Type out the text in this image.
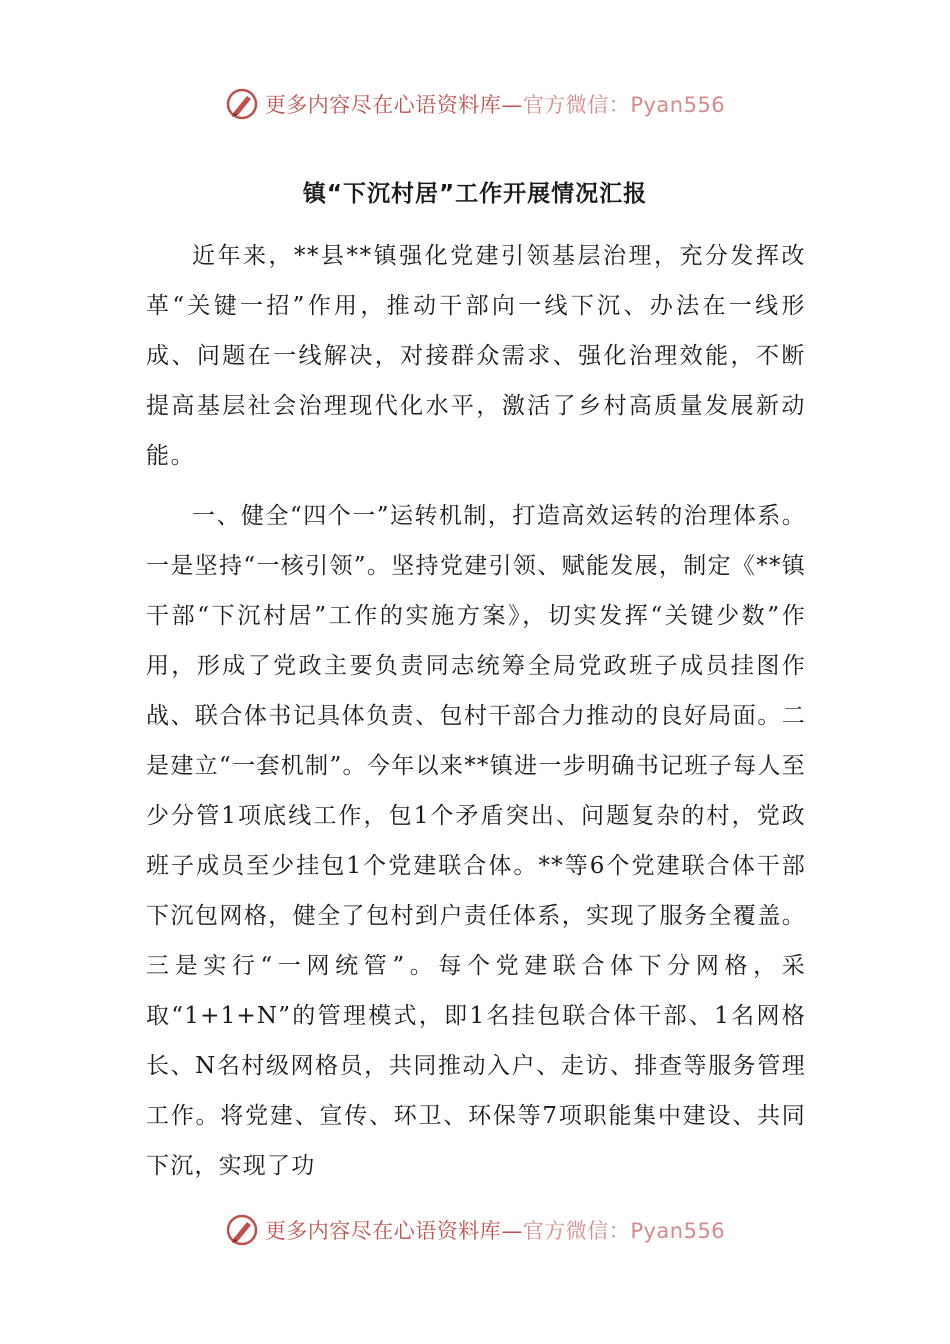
更多内容尽在心语资料库—官方微信：Pyan556
镇“下沉村居”工作开展情况汇报

近年来，**县**镇强化党建引领基层治理，充分发挥改革“关键一招”作用，推动干部向一线下沉、办法在一线形成、问题在一线解决，对接群众需求、强化治理效能，不断提高基层社会治理现代化水平，激活了乡村高质量发展新动能。

一、健全“四个一”运转机制，打造高效运转的治理体系。一是坚持“一核引领”。坚持党建引领、赋能发展，制定《**镇干部“下沉村居”工作的实施方案》，切实发挥“关键少数”作用，形成了党政主要负责同志统筹全局党政班子成员挂图作战、联合体书记具体负责、包村干部合力推动的良好局面。二是建立“一套机制”。今年以来**镇进一步明确书记班子每人至少分管1项底线工作，包1个矛盾突出、问题复杂的村，党政班子成员至少挂包1个党建联合体。**等6个党建联合体干部下沉包网格，健全了包村到户责任体系，实现了服务全覆盖。三是实行“一网统管”。每个党建联合体下分网格，采取“1+1+N”的管理模式，即1名挂包联合体干部、1名网格长、N名村级网格员，共同推动入户、走访、排查等服务管理工作。将党建、宣传、环卫、环保等7项职能集中建设、共同下沉，实现了功

更多内容尽在心语资料库—官方微信：Pyan556
